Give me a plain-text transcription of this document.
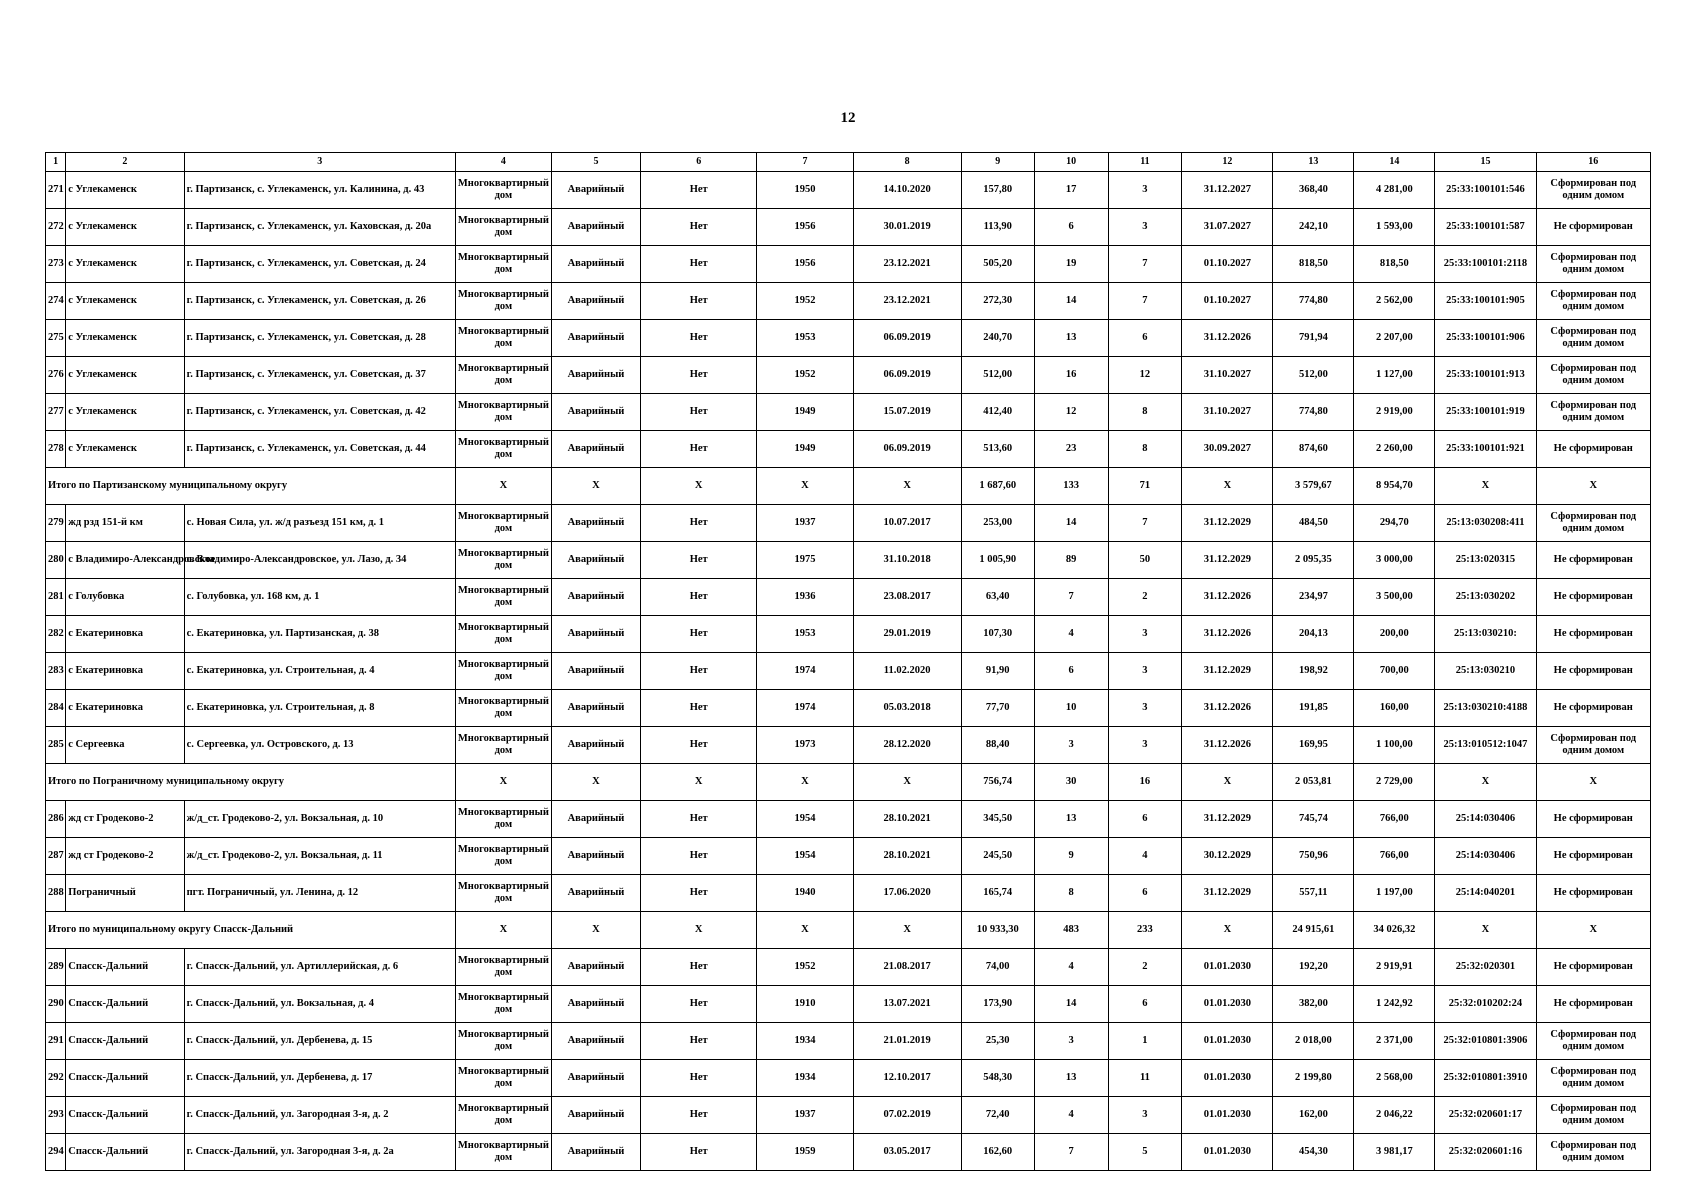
12
1	2	3	4	5	6	7	8	9	10	11	12	13	14	15	16
271	с Углекаменск	г. Партизанск, с. Углекаменск, ул. Калинина, д. 43	Многоквартирный дом	Аварийный	Нет	1950	14.10.2020	157,80	17	3	31.12.2027	368,40	4 281,00	25:33:100101:546	Сформирован под одним домом
272	с Углекаменск	г. Партизанск, с. Углекаменск, ул. Каховская, д. 20а	Многоквартирный дом	Аварийный	Нет	1956	30.01.2019	113,90	6	3	31.07.2027	242,10	1 593,00	25:33:100101:587	Не сформирован
273	с Углекаменск	г. Партизанск, с. Углекаменск, ул. Советская, д. 24	Многоквартирный дом	Аварийный	Нет	1956	23.12.2021	505,20	19	7	01.10.2027	818,50	818,50	25:33:100101:2118	Сформирован под одним домом
274	с Углекаменск	г. Партизанск, с. Углекаменск, ул. Советская, д. 26	Многоквартирный дом	Аварийный	Нет	1952	23.12.2021	272,30	14	7	01.10.2027	774,80	2 562,00	25:33:100101:905	Сформирован под одним домом
275	с Углекаменск	г. Партизанск, с. Углекаменск, ул. Советская, д. 28	Многоквартирный дом	Аварийный	Нет	1953	06.09.2019	240,70	13	6	31.12.2026	791,94	2 207,00	25:33:100101:906	Сформирован под одним домом
276	с Углекаменск	г. Партизанск, с. Углекаменск, ул. Советская, д. 37	Многоквартирный дом	Аварийный	Нет	1952	06.09.2019	512,00	16	12	31.10.2027	512,00	1 127,00	25:33:100101:913	Сформирован под одним домом
277	с Углекаменск	г. Партизанск, с. Углекаменск, ул. Советская, д. 42	Многоквартирный дом	Аварийный	Нет	1949	15.07.2019	412,40	12	8	31.10.2027	774,80	2 919,00	25:33:100101:919	Сформирован под одним домом
278	с Углекаменск	г. Партизанск, с. Углекаменск, ул. Советская, д. 44	Многоквартирный дом	Аварийный	Нет	1949	06.09.2019	513,60	23	8	30.09.2027	874,60	2 260,00	25:33:100101:921	Не сформирован
Итого по Партизанскому муниципальному округу			X	X	X	X	X	1 687,60	133	71	X	3 579,67	8 954,70	X	X
279	жд рзд 151-й км	с. Новая Сила, ул. ж/д разъезд 151 км, д. 1	Многоквартирный дом	Аварийный	Нет	1937	10.07.2017	253,00	14	7	31.12.2029	484,50	294,70	25:13:030208:411	Сформирован под одним домом
280	с Владимиро-Александровское	с. Владимиро-Александровское, ул. Лазо, д. 34	Многоквартирный дом	Аварийный	Нет	1975	31.10.2018	1 005,90	89	50	31.12.2029	2 095,35	3 000,00	25:13:020315	Не сформирован
281	с Голубовка	с. Голубовка, ул. 168 км, д. 1	Многоквартирный дом	Аварийный	Нет	1936	23.08.2017	63,40	7	2	31.12.2026	234,97	3 500,00	25:13:030202	Не сформирован
282	с Екатериновка	с. Екатериновка, ул. Партизанская, д. 38	Многоквартирный дом	Аварийный	Нет	1953	29.01.2019	107,30	4	3	31.12.2026	204,13	200,00	25:13:030210:	Не сформирован
283	с Екатериновка	с. Екатериновка, ул. Строительная, д. 4	Многоквартирный дом	Аварийный	Нет	1974	11.02.2020	91,90	6	3	31.12.2029	198,92	700,00	25:13:030210	Не сформирован
284	с Екатериновка	с. Екатериновка, ул. Строительная, д. 8	Многоквартирный дом	Аварийный	Нет	1974	05.03.2018	77,70	10	3	31.12.2026	191,85	160,00	25:13:030210:4188	Не сформирован
285	с Сергеевка	с. Сергеевка, ул. Островского, д. 13	Многоквартирный дом	Аварийный	Нет	1973	28.12.2020	88,40	3	3	31.12.2026	169,95	1 100,00	25:13:010512:1047	Сформирован под одним домом
Итого по Пограничному муниципальному округу			X	X	X	X	X	756,74	30	16	X	2 053,81	2 729,00	X	X
286	жд ст Гродеково-2	ж/д_ст. Гродеково-2, ул. Вокзальная, д. 10	Многоквартирный дом	Аварийный	Нет	1954	28.10.2021	345,50	13	6	31.12.2029	745,74	766,00	25:14:030406	Не сформирован
287	жд ст Гродеково-2	ж/д_ст. Гродеково-2, ул. Вокзальная, д. 11	Многоквартирный дом	Аварийный	Нет	1954	28.10.2021	245,50	9	4	30.12.2029	750,96	766,00	25:14:030406	Не сформирован
288	Пограничный	пгт. Пограничный, ул. Ленина, д. 12	Многоквартирный дом	Аварийный	Нет	1940	17.06.2020	165,74	8	6	31.12.2029	557,11	1 197,00	25:14:040201	Не сформирован
Итого по муниципальному округу Спасск-Дальний			X	X	X	X	X	10 933,30	483	233	X	24 915,61	34 026,32	X	X
289	Спасск-Дальний	г. Спасск-Дальний, ул. Артиллерийская, д. 6	Многоквартирный дом	Аварийный	Нет	1952	21.08.2017	74,00	4	2	01.01.2030	192,20	2 919,91	25:32:020301	Не сформирован
290	Спасск-Дальний	г. Спасск-Дальний, ул. Вокзальная, д. 4	Многоквартирный дом	Аварийный	Нет	1910	13.07.2021	173,90	14	6	01.01.2030	382,00	1 242,92	25:32:010202:24	Не сформирован
291	Спасск-Дальний	г. Спасск-Дальний, ул. Дербенева, д. 15	Многоквартирный дом	Аварийный	Нет	1934	21.01.2019	25,30	3	1	01.01.2030	2 018,00	2 371,00	25:32:010801:3906	Сформирован под одним домом
292	Спасск-Дальний	г. Спасск-Дальний, ул. Дербенева, д. 17	Многоквартирный дом	Аварийный	Нет	1934	12.10.2017	548,30	13	11	01.01.2030	2 199,80	2 568,00	25:32:010801:3910	Сформирован под одним домом
293	Спасск-Дальний	г. Спасск-Дальний, ул. Загородная 3-я, д. 2	Многоквартирный дом	Аварийный	Нет	1937	07.02.2019	72,40	4	3	01.01.2030	162,00	2 046,22	25:32:020601:17	Сформирован под одним домом
294	Спасск-Дальний	г. Спасск-Дальний, ул. Загородная 3-я, д. 2а	Многоквартирный дом	Аварийный	Нет	1959	03.05.2017	162,60	7	5	01.01.2030	454,30	3 981,17	25:32:020601:16	Сформирован под одним домом
